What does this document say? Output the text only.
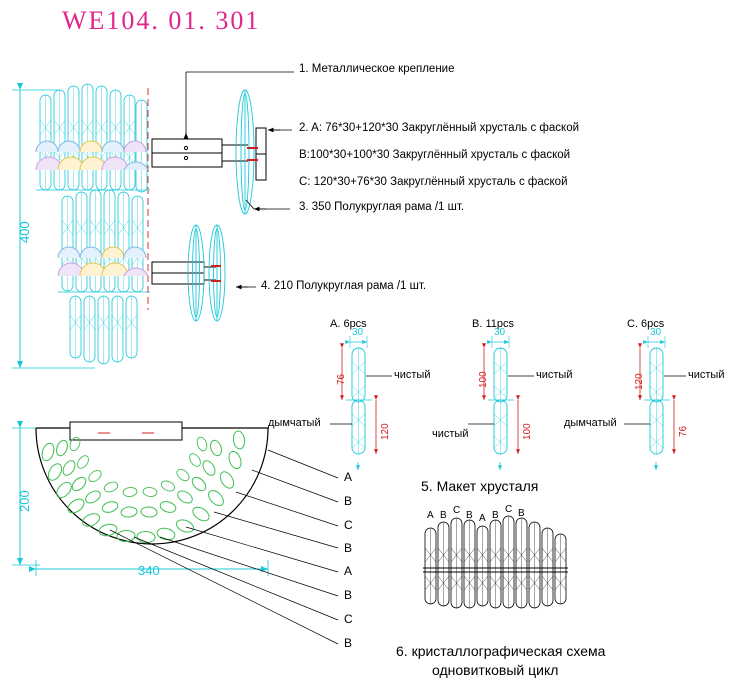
WE104. 01. 301
1. Металлическое крепление
2. A: 76*30+120*30 Закруглённый хрусталь с фаской
B:100*30+100*30 Закруглённый хрусталь с фаской
C: 120*30+76*30 Закруглённый хрусталь с фаской
3. 350 Полукруглая рама /1 шт.
4. 210 Полукруглая рама /1 шт.
5. Макет хрусталя
6. кристаллографическая схема
одновитковый цикл
400
200
340
A. 6pcs
30
76
120
чистый
дымчатый
B. 11pcs
30
100
100
чистый
чистый
C. 6pcs
30
120
76
чистый
дымчатый
A
B
C
B
A
B
C
B
A B C B A B
C B
